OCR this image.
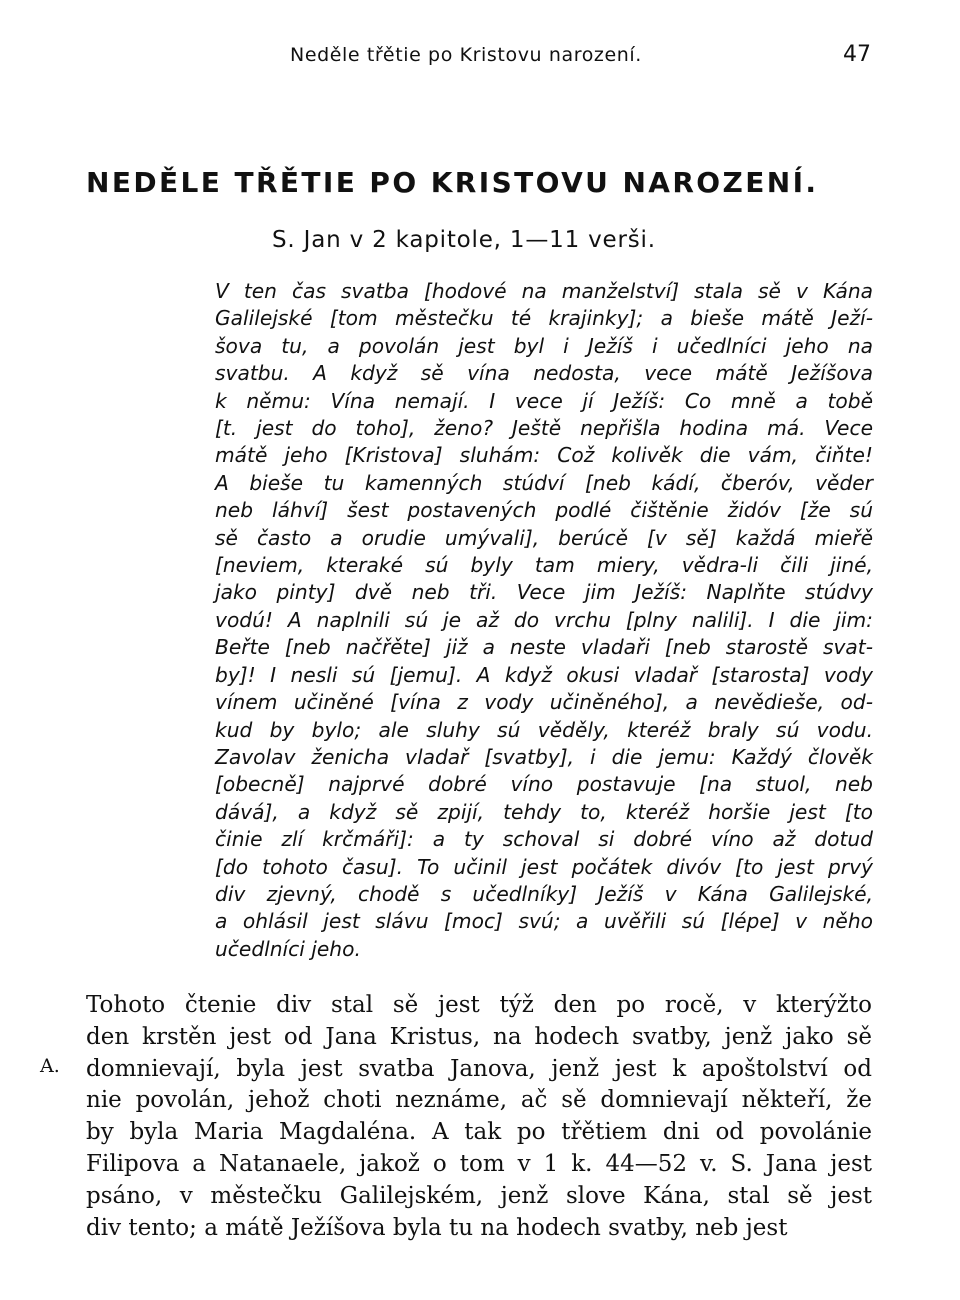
Neděle třětie po Kristovu narození.	47
NEDĚLE TŘĚTIE PO KRISTOVU NAROZENÍ.
S. Jan v 2 kapitole, 1—11 verši.
V ten čas svatba [hodové na manželství] stala sě v Kána
Galilejské [tom městečku té krajinky]; a bieše mátě Ježí-
šova tu, a povolán jest byl i Ježíš i učedlníci jeho na
svatbu. A když sě vína nedosta, vece mátě Ježíšova
k němu: Vína nemají. I vece jí Ježíš: Co mně a tobě
[t. jest do toho], ženo? Ještě nepřišla hodina má. Vece
mátě jeho [Kristova] sluhám: Což kolivěk die vám, čiňte!
A bieše tu kamenných stúdví [neb kádí, čberóv, věder
neb láhví] šest postavených podlé čištěnie židóv [že sú
sě často a orudie umývali], berúcě [v sě] každá mieřě
[neviem, kteraké sú byly tam miery, vědra-li čili jiné,
jako pinty] dvě neb tři. Vece jim Ježíš: Naplňte stúdvy
vodú! A naplnili sú je až do vrchu [plny nalili]. I die jim:
Beřte [neb načřěte] již a neste vladaři [neb starostě svat-
by]! I nesli sú [jemu]. A když okusi vladař [starosta] vody
vínem učiněné [vína z vody učiněného], a nevědieše, od-
kud by bylo; ale sluhy sú věděly, kteréž braly sú vodu.
Zavolav ženicha vladař [svatby], i die jemu: Každý člověk
[obecně] najprvé dobré víno postavuje [na stuol, neb
dává], a když sě zpijí, tehdy to, kteréž horšie jest [to
činie zlí krčmáři]: a ty schoval si dobré víno až dotud
[do tohoto času]. To učinil jest počátek divóv [to jest prvý
div zjevný, chodě s učedlníky] Ježíš v Kána Galilejské,
a ohlásil jest slávu [moc] svú; a uvěřili sú [lépe] v něho
učedlníci jeho.
A.
Tohoto čtenie div stal sě jest týž den po rocě, v kterýžto
den krstěn jest od Jana Kristus, na hodech svatby, jenž jako sě
domnievají, byla jest svatba Janova, jenž jest k apoštolství od
nie povolán, jehož choti neznáme, ač sě domnievají někteří, že
by byla Maria Magdaléna. A tak po třětiem dni od povolánie
Filipova a Natanaele, jakož o tom v 1 k. 44—52 v. S. Jana jest
psáno, v městečku Galilejském, jenž slove Kána, stal sě jest
div tento; a mátě Ježíšova byla tu na hodech svatby, neb jest
